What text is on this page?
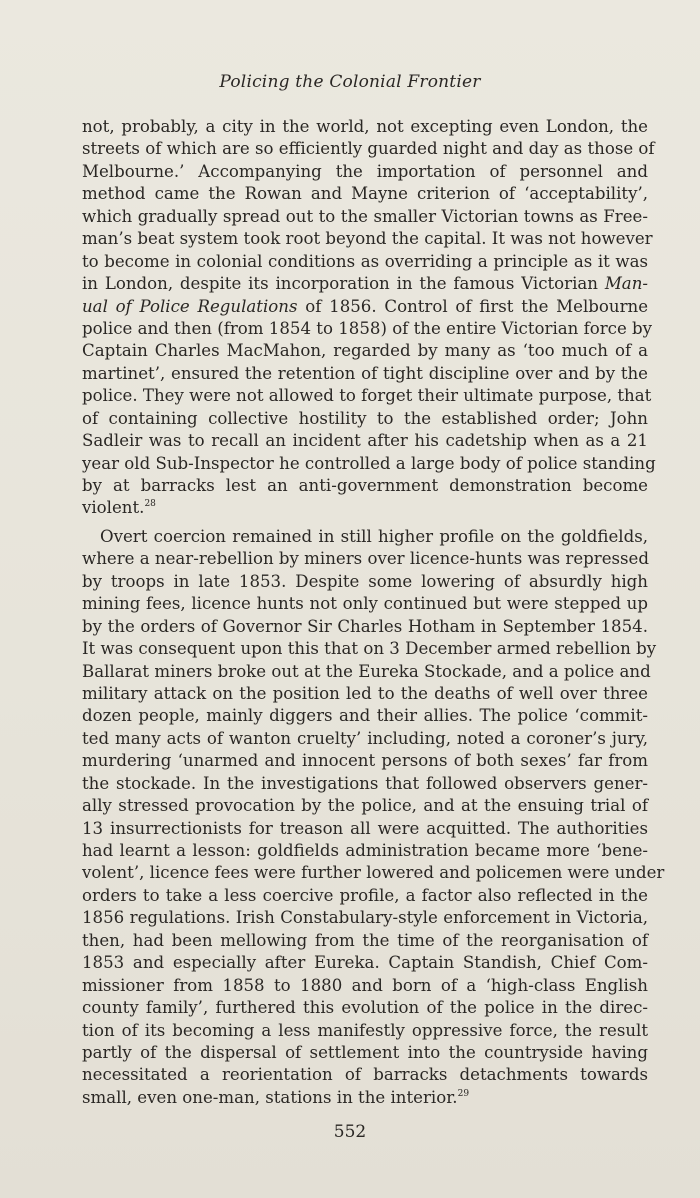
Policing the Colonial Frontier
not, probably, a city in the world, not excepting even London, the
streets of which are so efficiently guarded night and day as those of
Melbourne.’ Accompanying the importation of personnel and
method came the Rowan and Mayne criterion of ‘acceptability’,
which gradually spread out to the smaller Victorian towns as Free-
man’s beat system took root beyond the capital. It was not however
to become in colonial conditions as overriding a principle as it was
in London, despite its incorporation in the famous Victorian Man-
ual of Police Regulations of 1856. Control of first the Melbourne
police and then (from 1854 to 1858) of the entire Victorian force by
Captain Charles MacMahon, regarded by many as ‘too much of a
martinet’, ensured the retention of tight discipline over and by the
police. They were not allowed to forget their ultimate purpose, that
of containing collective hostility to the established order; John
Sadleir was to recall an incident after his cadetship when as a 21
year old Sub-Inspector he controlled a large body of police standing
by at barracks lest an anti-government demonstration become
violent.$^{28}$
Overt coercion remained in still higher profile on the goldfields,
where a near-rebellion by miners over licence-hunts was repressed
by troops in late 1853. Despite some lowering of absurdly high
mining fees, licence hunts not only continued but were stepped up
by the orders of Governor Sir Charles Hotham in September 1854.
It was consequent upon this that on 3 December armed rebellion by
Ballarat miners broke out at the Eureka Stockade, and a police and
military attack on the position led to the deaths of well over three
dozen people, mainly diggers and their allies. The police ‘commit-
ted many acts of wanton cruelty’ including, noted a coroner’s jury,
murdering ‘unarmed and innocent persons of both sexes’ far from
the stockade. In the investigations that followed observers gener-
ally stressed provocation by the police, and at the ensuing trial of
13 insurrectionists for treason all were acquitted. The authorities
had learnt a lesson: goldfields administration became more ‘bene-
volent’, licence fees were further lowered and policemen were under
orders to take a less coercive profile, a factor also reflected in the
1856 regulations. Irish Constabulary-style enforcement in Victoria,
then, had been mellowing from the time of the reorganisation of
1853 and especially after Eureka. Captain Standish, Chief Com-
missioner from 1858 to 1880 and born of a ‘high-class English
county family’, furthered this evolution of the police in the direc-
tion of its becoming a less manifestly oppressive force, the result
partly of the dispersal of settlement into the countryside having
necessitated a reorientation of barracks detachments towards
small, even one-man, stations in the interior.$^{29}$
552
